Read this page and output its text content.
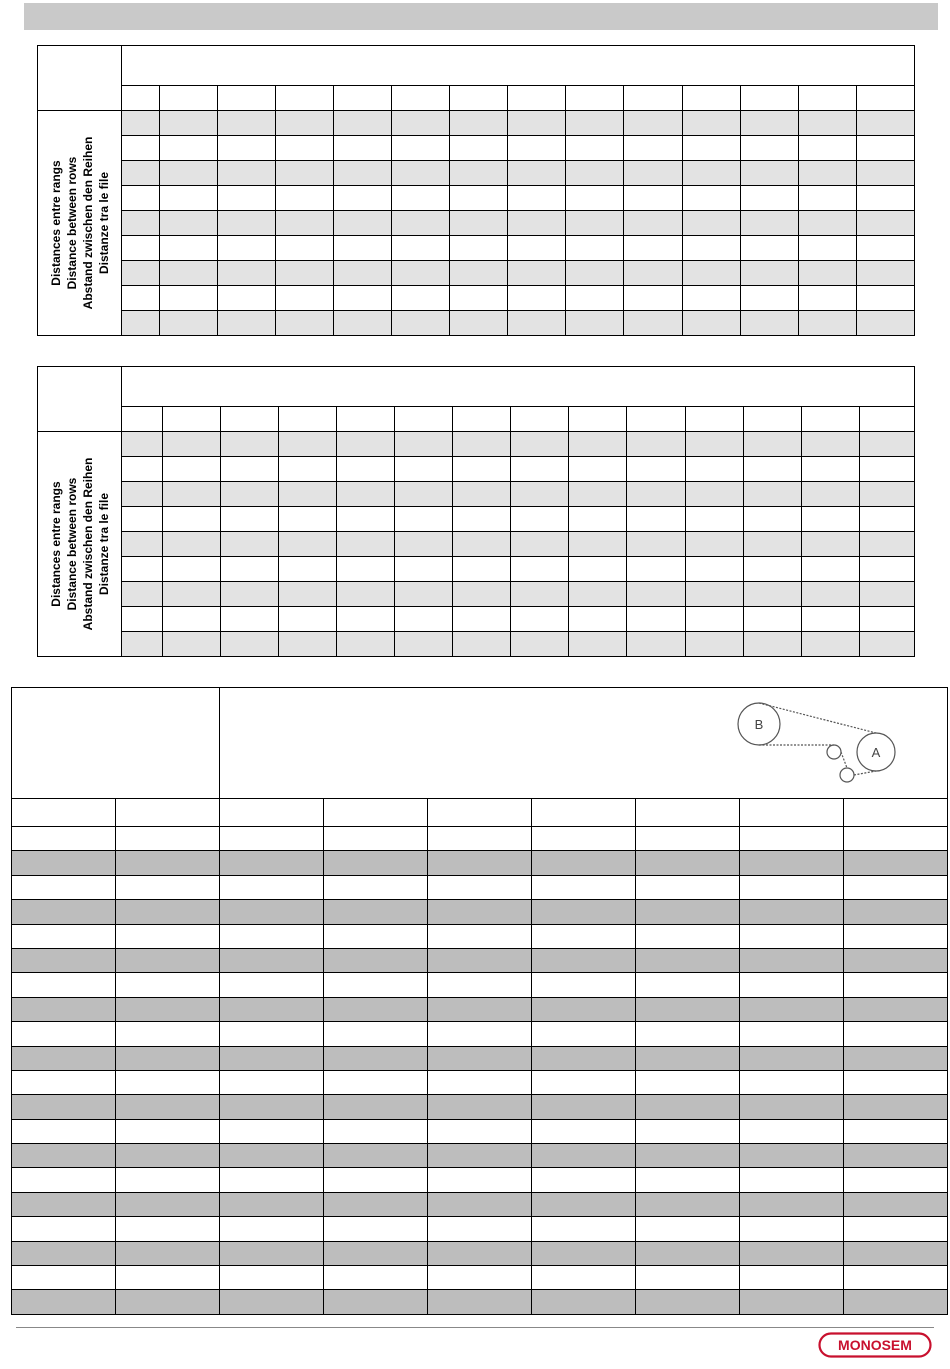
Distances entre rangs Distance between rows Abstand zwischen den Reihen Distanze tra le file														

Distances entre rangs Distance between rows Abstand zwischen den Reihen Distanze tra le file														

B
A
MONOSEM
